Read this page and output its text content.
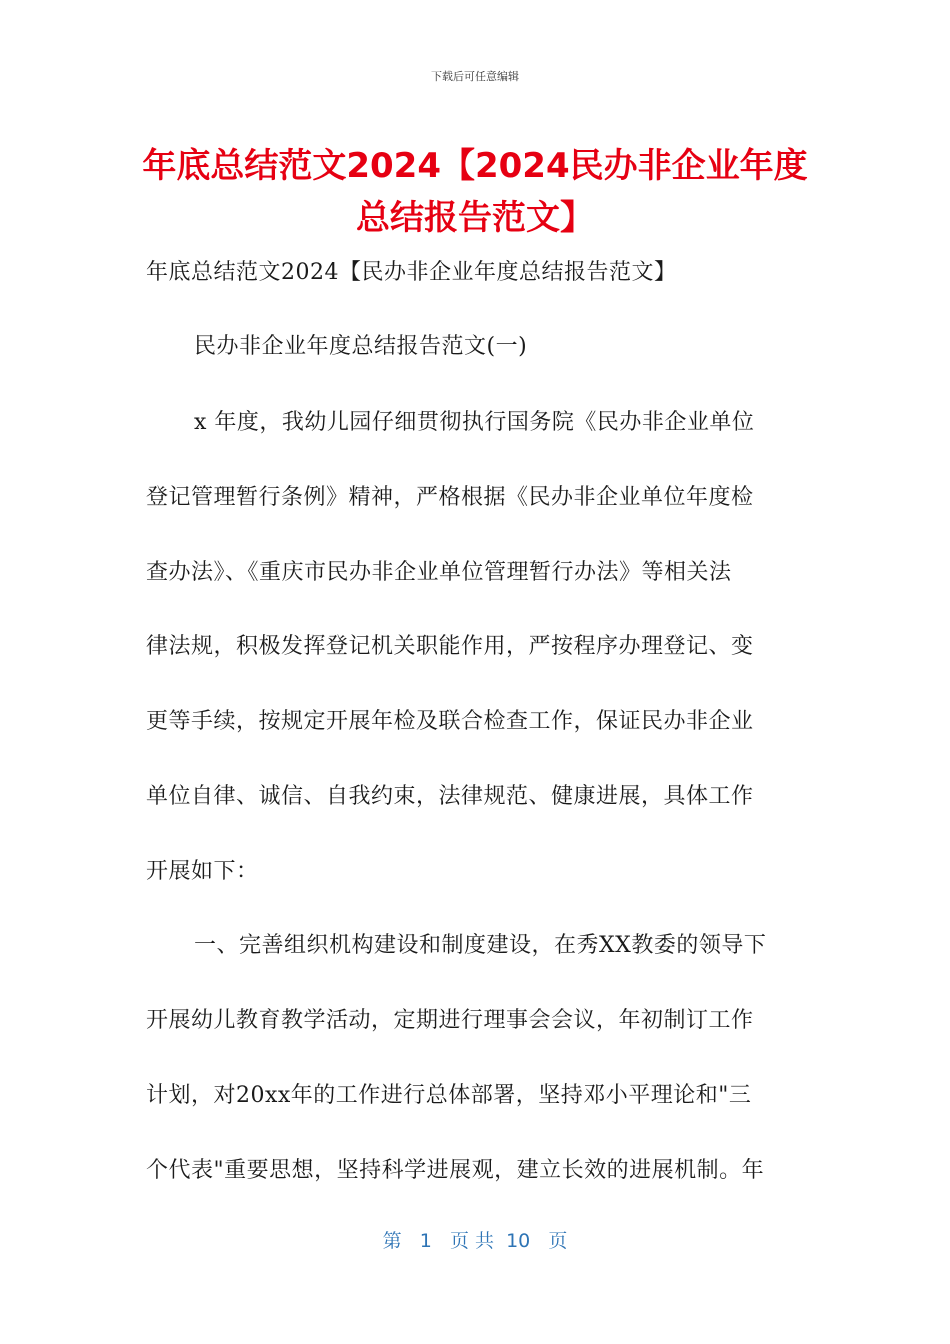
下载后可任意编辑
年底总结范文2024【2024民办非企业年度总结报告范文】
年底总结范文2024【民办非企业年度总结报告范文】
民办非企业年度总结报告范文(一)
x 年度，我幼儿园仔细贯彻执行国务院《民办非企业单位
登记管理暂行条例》精神，严格根据《民办非企业单位年度检
查办法》、《重庆市民办非企业单位管理暂行办法》等相关法
律法规，积极发挥登记机关职能作用，严按程序办理登记、变
更等手续，按规定开展年检及联合检查工作，保证民办非企业
单位自律、诚信、自我约束，法律规范、健康进展，具体工作
开展如下：
一、完善组织机构建设和制度建设，在秀XX教委的领导下
开展幼儿教育教学活动，定期进行理事会会议，年初制订工作
计划，对20xx年的工作进行总体部署，坚持邓小平理论和"三
个代表"重要思想，坚持科学进展观，建立长效的进展机制。年
第   1   页 共  10   页
